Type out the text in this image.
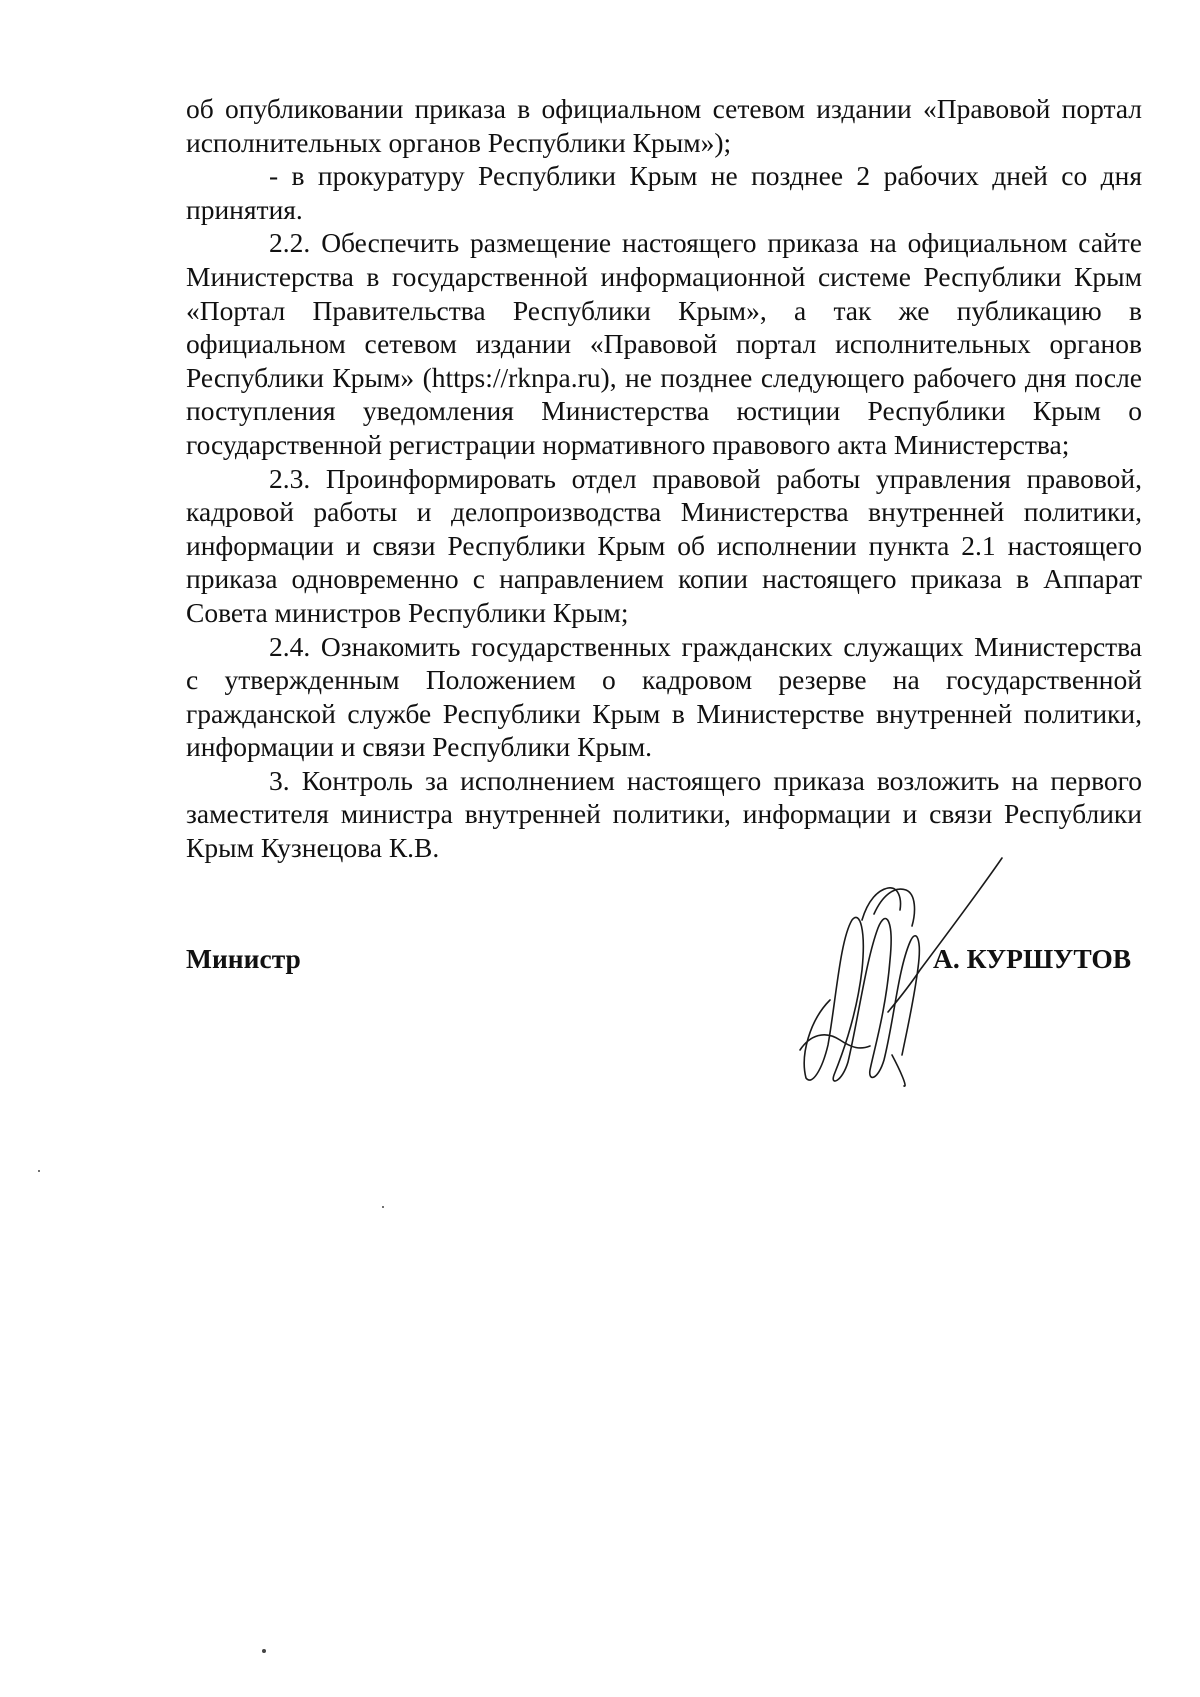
об опубликовании приказа в официальном сетевом издании «Правовой портал исполнительных органов Республики Крым»);

- в прокуратуру Республики Крым не позднее 2 рабочих дней со дня принятия.

2.2. Обеспечить размещение настоящего приказа на официальном сайте Министерства в государственной информационной системе Республики Крым «Портал Правительства Республики Крым», а так же публикацию в официальном сетевом издании «Правовой портал исполнительных органов Республики Крым» (https://rknpa.ru), не позднее следующего рабочего дня после поступления уведомления Министерства юстиции Республики Крым о государственной регистрации нормативного правового акта Министерства;

2.3. Проинформировать отдел правовой работы управления правовой, кадровой работы и делопроизводства Министерства внутренней политики, информации и связи Республики Крым об исполнении пункта 2.1 настоящего приказа одновременно с направлением копии настоящего приказа в Аппарат Совета министров Республики Крым;

2.4. Ознакомить государственных гражданских служащих Министерства с утвержденным Положением о кадровом резерве на государственной гражданской службе Республики Крым в Министерстве внутренней политики, информации и связи Республики Крым.

3. Контроль за исполнением настоящего приказа возложить на первого заместителя министра внутренней политики, информации и связи Республики Крым Кузнецова К.В.

Министр	А. КУРШУТОВ
